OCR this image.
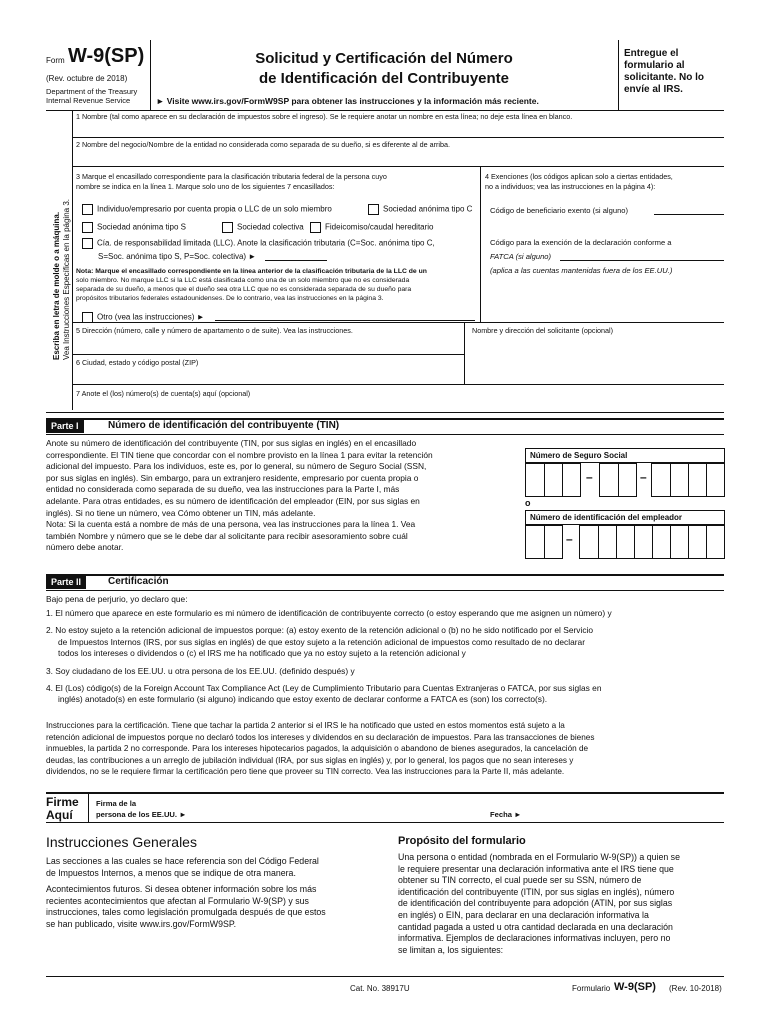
Form W-9(SP)
(Rev. octubre de 2018)
Department of the Treasury
Internal Revenue Service
Solicitud y Certificación del Número
de Identificación del Contribuyente
► Visite www.irs.gov/FormW9SP para obtener las instrucciones y la información más reciente.
Entregue el formulario al solicitante. No lo envíe al IRS.
Escriba en letra de molde o a máquina. Vea Instrucciones Específicas en la página 3.
1 Nombre (tal como aparece en su declaración de impuestos sobre el ingreso). Se le requiere anotar un nombre en esta línea; no deje esta línea en blanco.
2 Nombre del negocio/Nombre de la entidad no considerada como separada de su dueño, si es diferente al de arriba.
3 Marque el encasillado correspondiente para la clasificación tributaria federal de la persona cuyo
nombre se indica en la línea 1. Marque solo uno de los siguientes 7 encasillados:
Individuo/empresario por cuenta propia o LLC de un solo miembro	Sociedad anónima tipo C
Sociedad anónima tipo S	Sociedad colectiva	Fideicomiso/caudal hereditario
Cía. de responsabilidad limitada (LLC). Anote la clasificación tributaria (C=Soc. anónima tipo C,
S=Soc. anónima tipo S, P=Soc. colectiva) ►
Nota: Marque el encasillado correspondiente en la línea anterior de la clasificación tributaria de la LLC de un
solo miembro. No marque LLC si la LLC está clasificada como una de un solo miembro que no es considerada
separada de su dueño, a menos que el dueño sea otra LLC que no es considerada separada de su dueño para
propósitos tributarios federales estadounidenses. De lo contrario, vea las instrucciones en la página 3.
Otro (vea las instrucciones) ►
4 Exenciones (los códigos aplican solo a ciertas entidades,
no a individuos; vea las instrucciones en la página 4):
Código de beneficiario exento (si alguno)
Código para la exención de la declaración conforme a
FATCA (si alguno)
(aplica a las cuentas mantenidas fuera de los EE.UU.)
5 Dirección (número, calle y número de apartamento o de suite). Vea las instrucciones.	Nombre y dirección del solicitante (opcional)
6 Ciudad, estado y código postal (ZIP)
7 Anote el (los) número(s) de cuenta(s) aquí (opcional)
Parte I	Número de identificación del contribuyente (TIN)
Anote su número de identificación del contribuyente (TIN, por sus siglas en inglés) en el encasillado
correspondiente. El TIN tiene que concordar con el nombre provisto en la línea 1 para evitar la retención
adicional del impuesto. Para los individuos, este es, por lo general, su número de Seguro Social (SSN,
por sus siglas en inglés). Sin embargo, para un extranjero residente, empresario por cuenta propia o
entidad no considerada como separada de su dueño, vea las instrucciones para la Parte I, más
adelante. Para otras entidades, es su número de identificación del empleador (EIN, por sus siglas en
inglés). Si no tiene un número, vea Cómo obtener un TIN, más adelante.
Nota: Si la cuenta está a nombre de más de una persona, vea las instrucciones para la línea 1. Vea
también Nombre y número que se le debe dar al solicitante para recibir asesoramiento sobre cuál
número debe anotar.
Número de Seguro Social
–	–
o
Número de identificación del empleador
–
Parte II	Certificación
Bajo pena de perjurio, yo declaro que:
1. El número que aparece en este formulario es mi número de identificación de contribuyente correcto (o estoy esperando que me asignen un número) y
2. No estoy sujeto a la retención adicional de impuestos porque: (a) estoy exento de la retención adicional o (b) no he sido notificado por el Servicio
de Impuestos Internos (IRS, por sus siglas en inglés) de que estoy sujeto a la retención adicional de impuestos como resultado de no declarar
todos los intereses o dividendos o (c) el IRS me ha notificado que ya no estoy sujeto a la retención adicional y
3. Soy ciudadano de los EE.UU. u otra persona de los EE.UU. (definido después) y
4. El (Los) código(s) de la Foreign Account Tax Compliance Act (Ley de Cumplimiento Tributario para Cuentas Extranjeras o FATCA, por sus siglas en
inglés) anotado(s) en este formulario (si alguno) indicando que estoy exento de declarar conforme a FATCA es (son) los correcto(s).
Instrucciones para la certificación. Tiene que tachar la partida 2 anterior si el IRS le ha notificado que usted en estos momentos está sujeto a la
retención adicional de impuestos porque no declaró todos los intereses y dividendos en su declaración de impuestos. Para las transacciones de bienes
inmuebles, la partida 2 no corresponde. Para los intereses hipotecarios pagados, la adquisición o abandono de bienes asegurados, la cancelación de
deudas, las contribuciones a un arreglo de jubilación individual (IRA, por sus siglas en inglés) y, por lo general, los pagos que no sean intereses y
dividendos, no se le requiere firmar la certificación pero tiene que proveer su TIN correcto. Vea las instrucciones para la Parte II, más adelante.
Firme
Aquí
Firma de la
persona de los EE.UU. ►	Fecha ►
Instrucciones Generales
Las secciones a las cuales se hace referencia son del Código Federal
de Impuestos Internos, a menos que se indique de otra manera.
Acontecimientos futuros. Si desea obtener información sobre los más
recientes acontecimientos que afectan al Formulario W-9(SP) y sus
instrucciones, tales como legislación promulgada después de que estos
se han publicado, visite www.irs.gov/FormW9SP.
Propósito del formulario
Una persona o entidad (nombrada en el Formulario W-9(SP)) a quien se
le requiere presentar una declaración informativa ante el IRS tiene que
obtener su TIN correcto, el cual puede ser su SSN, número de
identificación del contribuyente (ITIN, por sus siglas en inglés), número
de identificación del contribuyente para adopción (ATIN, por sus siglas
en inglés) o EIN, para declarar en una declaración informativa la
cantidad pagada a usted u otra cantidad declarada en una declaración
informativa. Ejemplos de declaraciones informativas incluyen, pero no
se limitan a, los siguientes:
Cat. No. 38917U	Formulario W-9(SP) (Rev. 10-2018)
